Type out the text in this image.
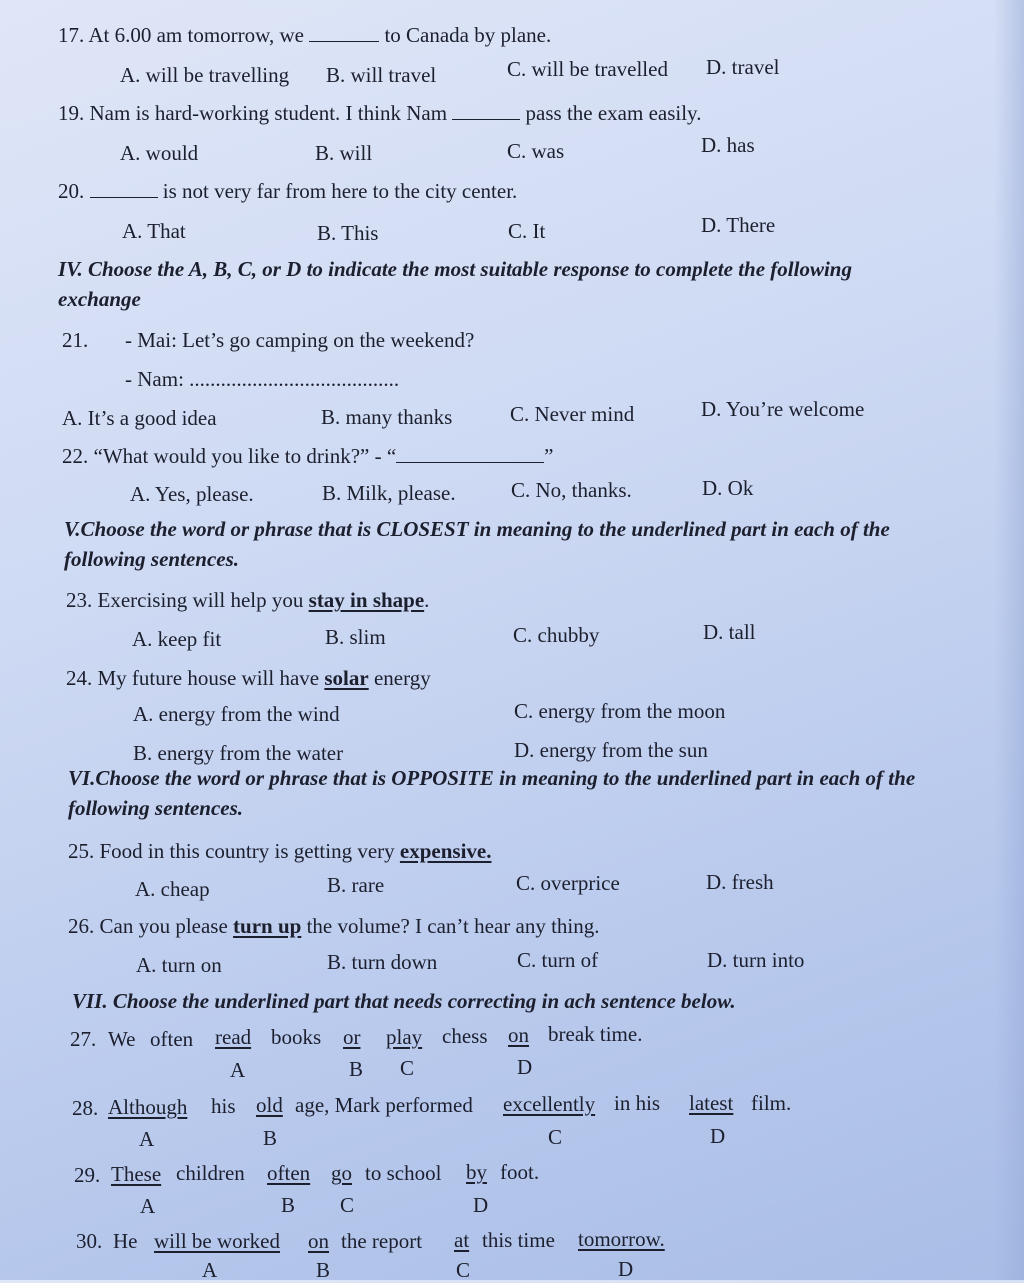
17. At 6.00 am tomorrow, we	to Canada by plane.
A. will be travelling B. will travel	C. will be travelled D. travel
19. Nam is hard-working student. I think Nam	pass the exam easily.
A. would	B. will	C. was	D. has
20.	is not very far from here to the city center.
A. That	B. This	C. It	D. There
IV. Choose the A, B, C, or D to indicate the most suitable response to complete the following exchange
21. - Mai: Let’s go camping on the weekend?
- Nam: ........................................
A. It’s a good idea	B. many thanks	C. Never mind	D. You’re welcome
22. “What would you like to drink?” - “	”
A. Yes, please.	B. Milk, please.	C. No, thanks.	D. Ok
V.Choose the word or phrase that is CLOSEST in meaning to the underlined part in each of the following sentences.
23. Exercising will help you stay in shape.
A. keep fit	B. slim	C. chubby	D. tall
24. My future house will have solar energy
A. energy from the wind	C. energy from the moon
B. energy from the water	D. energy from the sun
VI.Choose the word or phrase that is OPPOSITE in meaning to the underlined part in each of the following sentences.
25. Food in this country is getting very expensive.
A. cheap	B. rare	C. overprice	D. fresh
26. Can you please turn up the volume? I can’t hear any thing.
A. turn on	B. turn down	C. turn of	D. turn into
VII. Choose the underlined part that needs correcting in ach sentence below.
27. We often read books or	play chess on break time.
A	B C	D
28. Although his old age, Mark performed excellently in his latest film.
A	B	C	D
29. These children often go to school by foot.
A	B C	D
30. He will be worked on the report at this time tomorrow.
A	B	C	D
